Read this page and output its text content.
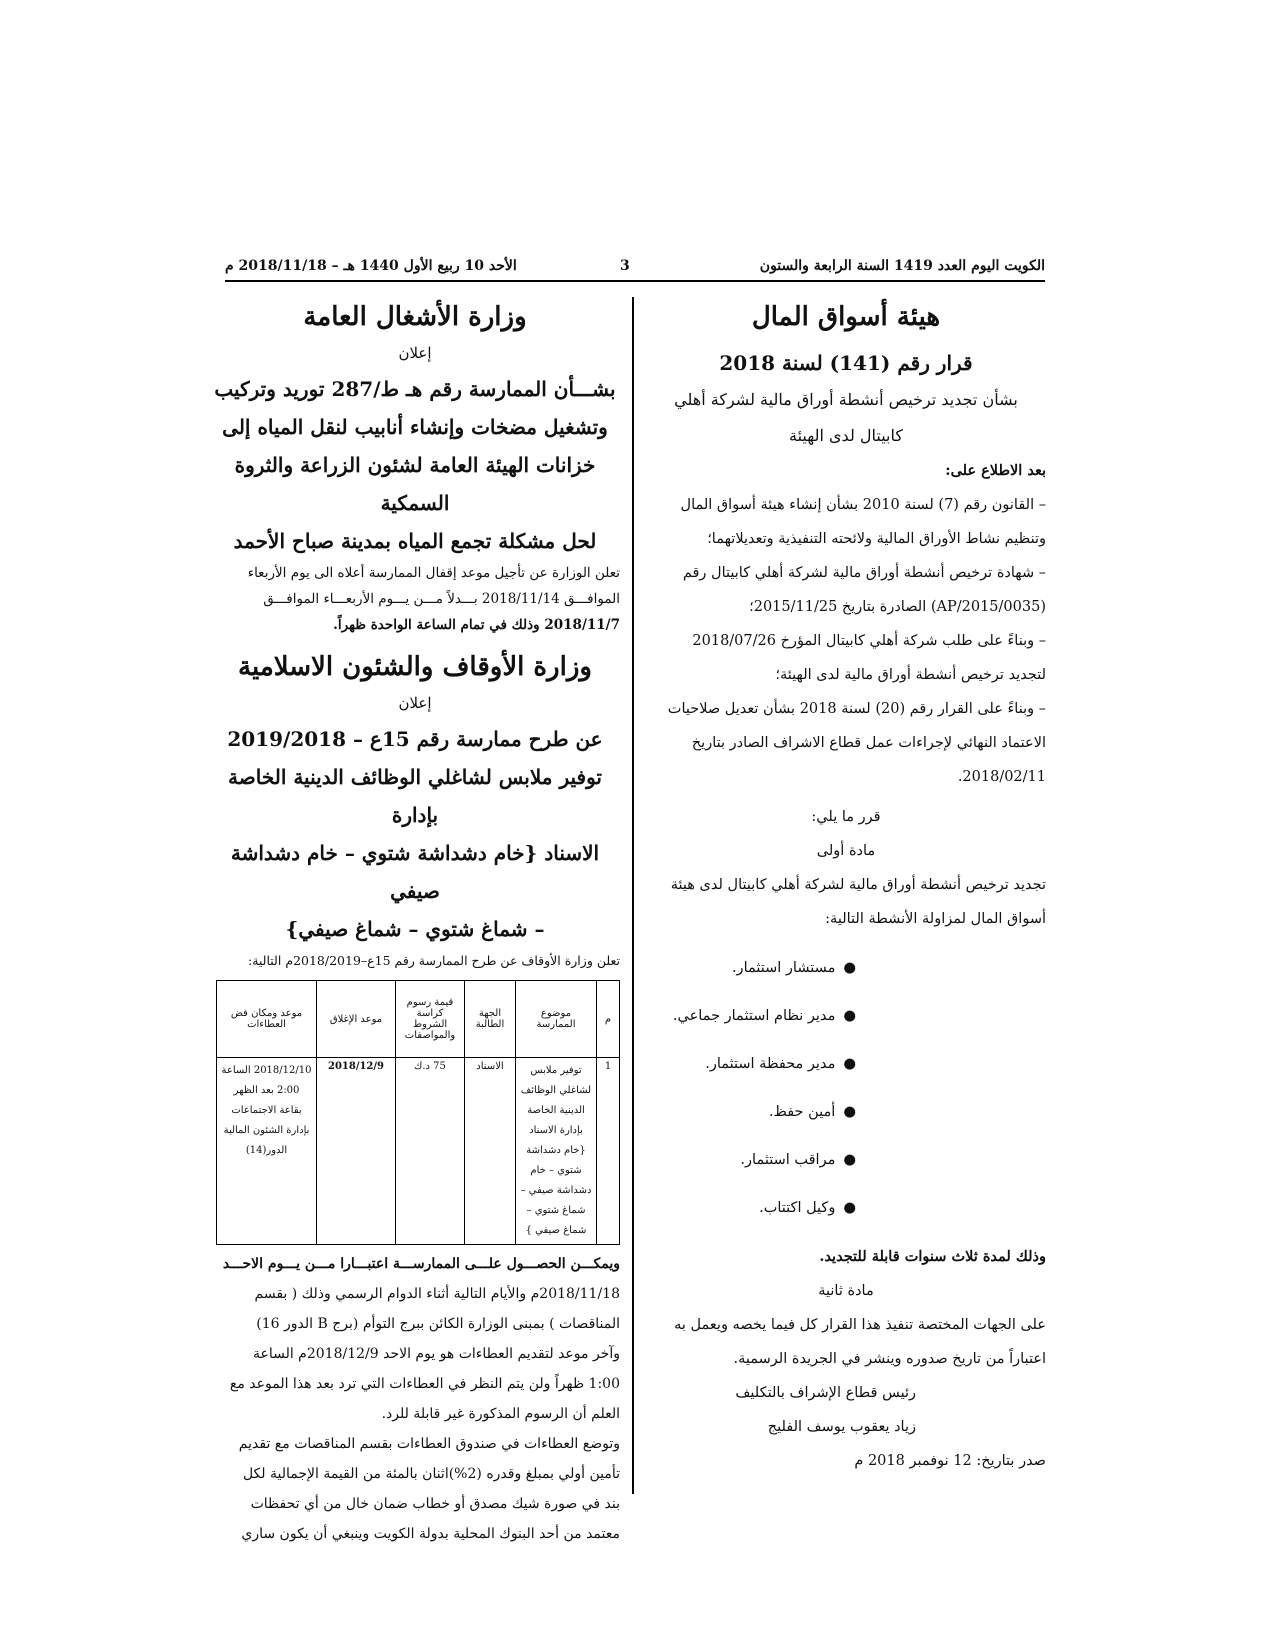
الكويت اليوم العدد 1419 السنة الرابعة والستون
3
الأحد 10 ربيع الأول 1440 هـ – 2018/11/18 م
هيئة أسواق المال
قرار رقم (141) لسنة 2018
بشأن تجديد ترخيص أنشطة أوراق مالية لشركة أهلي
كابيتال لدى الهيئة

بعد الاطلاع على:

– القانون رقم (7) لسنة 2010 بشأن إنشاء هيئة أسواق المال

وتنظيم نشاط الأوراق المالية ولائحته التنفيذية وتعديلاتهما؛

– شهادة ترخيص أنشطة أوراق مالية لشركة أهلي كابيتال رقم

(AP/2015/0035) الصادرة بتاريخ 2015/11/25؛

– وبناءً على طلب شركة أهلي كابيتال المؤرخ 2018/07/26

لتجديد ترخيص أنشطة أوراق مالية لدى الهيئة؛

– وبناءً على القرار رقم (20) لسنة 2018 بشأن تعديل صلاحيات

الاعتماد النهائي لإجراءات عمل قطاع الاشراف الصادر بتاريخ

2018/02/11.

قرر ما يلي:

مادة أولى

تجديد ترخيص أنشطة أوراق مالية لشركة أهلي كابيتال لدى هيئة

أسواق المال لمزاولة الأنشطة التالية:

●مستشار استثمار.
●مدير نظام استثمار جماعي.
●مدير محفظة استثمار.
●أمين حفظ.
●مراقب استثمار.
●وكيل اكتتاب.

وذلك لمدة ثلاث سنوات قابلة للتجديد.

مادة ثانية

على الجهات المختصة تنفيذ هذا القرار كل فيما يخصه ويعمل به

اعتباراً من تاريخ صدوره وينشر في الجريدة الرسمية.

رئيس قطاع الإشراف بالتكليف

زياد يعقوب يوسف الفليج

صدر بتاريخ: 12 نوفمبر 2018 م

وزارة الأشغال العامة
إعلان
بشـــأن الممارسة رقم هـ ط/287 توريد وتركيب
وتشغيل مضخات وإنشاء أنابيب لنقل المياه إلى
خزانات الهيئة العامة لشئون الزراعة والثروة السمكية
لحل مشكلة تجمع المياه بمدينة صباح الأحمد

تعلن الوزارة عن تأجيل موعد إقفال الممارسة أعلاه الى يوم الأربعاء

الموافـــق 2018/11/14 بـــدلاً مـــن يـــوم الأربعـــاء الموافـــق

2018/11/7 وذلك في تمام الساعة الواحدة ظهراً.

وزارة الأوقاف والشئون الاسلامية
إعلان
عن طرح ممارسة رقم 15ع – 2019/2018
توفير ملابس لشاغلي الوظائف الدينية الخاصة بإدارة
الاسناد {خام دشداشة شتوي – خام دشداشة صيفي
– شماغ شتوي – شماغ صيفي}

تعلن وزارة الأوقاف عن طرح الممارسة رقم 15ع–2018/2019م التالية:

م	موضوع الممارسة	الجهة الطالبة	قيمة رسوم كراسة الشروط والمواصفات	موعد الإغلاق	موعد ومكان فض العطاءات
1	توفير ملابس لشاغلي الوظائف الدينية الخاصة بإدارة الاسناد {خام دشداشة شتوي – خام دشداشة صيفي – شماغ شتوي – شماغ صيفي }	الاسناد	75 د.ك	2018/12/9	2018/12/10 الساعة 2:00 بعد الظهر بقاعة الاجتماعات بإدارة الشئون المالية الدور(14)

ويمكـــن الحصـــول علـــى الممارســـة اعتبـــارا مـــن يـــوم الاحـــد

2018/11/18م والأيام التالية أثناء الدوام الرسمي وذلك ( بقسم

المناقصات ) بمبنى الوزارة الكائن ببرج التوأم (برج B الدور 16)

وآخر موعد لتقديم العطاءات هو يوم الاحد 2018/12/9م الساعة

1:00 ظهراً ولن يتم النظر في العطاءات التي ترد بعد هذا الموعد مع

العلم أن الرسوم المذكورة غير قابلة للرد.

وتوضع العطاءات في صندوق العطاءات بقسم المناقصات مع تقديم

تأمين أولي بمبلغ وقدره (2%)اثنان بالمئة من القيمة الإجمالية لكل

بند في صورة شيك مصدق أو خطاب ضمان خال من أي تحفظات

معتمد من أحد البنوك المحلية بدولة الكويت وينبغي أن يكون ساري
